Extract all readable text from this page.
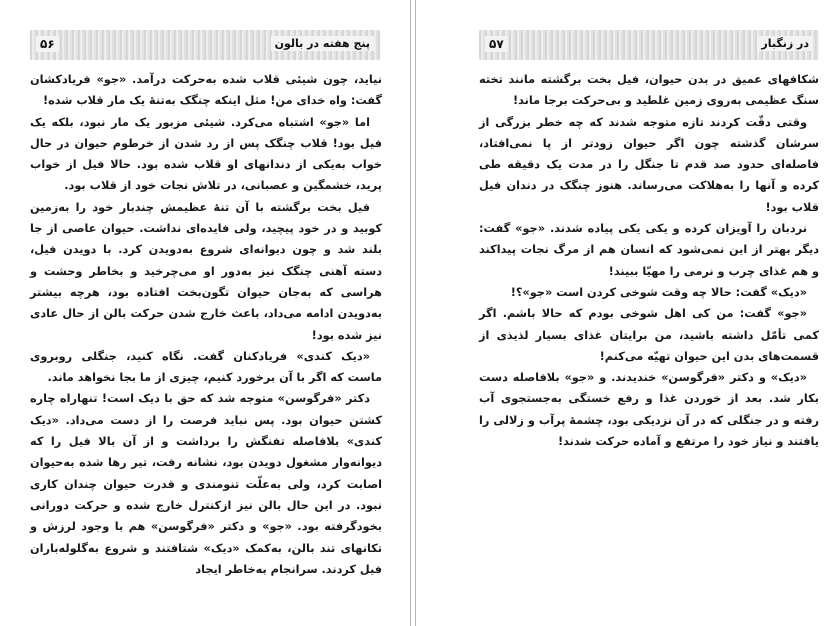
پنج هفته در بالون
۵۶

نیاید، چون شیئی قلاب شده به‌حرکت درآمد. «جو» فریادکشان گفت: واه خدای من! مثل اینکه چنگک به‌تنهٔ یک مار قلاب شده!

اما «جو» اشتباه می‌کرد. شیئی مزبور یک مار نبود، بلکه یک فیل بود! قلاب چنگک پس از رد شدن از خرطوم حیوان در حال خواب به‌یکی از دندانهای او قلاب شده بود. حالا فیل از خواب پرید، خشمگین و عصبانی، در تلاش نجات خود از قلاب بود.

فیل بخت برگشته با آن تنهٔ عظیمش چندبار خود را به‌زمین کوبید و در خود پیچید، ولی فایده‌ای نداشت. حیوان عاصی از جا بلند شد و چون دیوانه‌ای شروع به‌دویدن کرد. با دویدن فیل، دسته آهنی چنگک نیز به‌دور او می‌چرخید و بخاطر وحشت و هراسی که به‌جان حیوان تگون‌بخت افتاده بود، هرچه بیشتر به‌دویدن ادامه می‌داد، باعث خارج شدن حرکت بالن از حال عادی نیز شده بود!

«دیک کندی» فریادکنان گفت. نگاه کنید، جنگلی روبروی ماست که اگر با آن برخورد کنیم، چیزی از ما بجا نخواهد ماند.

دکتر «فرگوسن» متوجه شد که حق با دیک است! تنهاراه چاره کشتن حیوان بود. پس نباید فرصت را از دست می‌داد. «دیک کندی» بلافاصله تفنگش را برداشت و از آن بالا فیل را که دیوانه‌وار مشغول دویدن بود، نشانه رفت، تیر رها شده به‌حیوان اصابت کرد، ولی به‌علّت تنومندی و قدرت حیوان چندان کاری نبود. در این حال بالن نیز ازکنترل خارج شده و حرکت دورانی بخودگرفته بود. «جو» و دکتر «فرگوسن» هم با وجود لرزش و تکانهای تند بالن، به‌کمک «دیک» شتافتند و شروع به‌گلوله‌باران فیل کردند. سرانجام به‌خاطر ایجاد

در زنگبار
۵۷

شکافهای عمیق در بدن حیوان، فیل بخت برگشته مانند تخته سنگ عظیمی به‌روی زمین غلطید و بی‌حرکت برجا ماند!

وقتی دقّت کردند تازه متوجه شدند که چه خطر بزرگی از سرشان گذشته چون اگر حیوان زودتر از پا نمی‌افتاد، فاصله‌ای حدود صد قدم تا جنگل را در مدت یک دقیقه طی کرده و آنها را به‌هلاکت می‌رساند. هنوز چنگک در دندان فیل قلاب بود!

نردبان را آویزان کرده و یکی یکی پیاده شدند. «جو» گفت: دیگر بهتر از این نمی‌شود که انسان هم از مرگ نجات پیداکند و هم غذای چرب و نرمی را مهیّا ببیند!

«دیک» گفت: حالا چه وقت شوخی کردن است «جو»؟!

«جو» گفت: من کی اهل شوخی بودم که حالا باشم. اگر کمی تأمّل داشته باشید، من برایتان غذای بسیار لذیذی از قسمت‌های بدن این حیوان تهیّه می‌کنم!

«دیک» و دکتر «فرگوسن» خندیدند. و «جو» بلافاصله دست بکار شد. بعد از خوردن غذا و رفع خستگی به‌جستجوی آب رفته و در جنگلی که در آن نزدیکی بود، چشمهٔ پرآب و زلالی را یافتند و نیاز خود را مرتفع و آماده حرکت شدند!
